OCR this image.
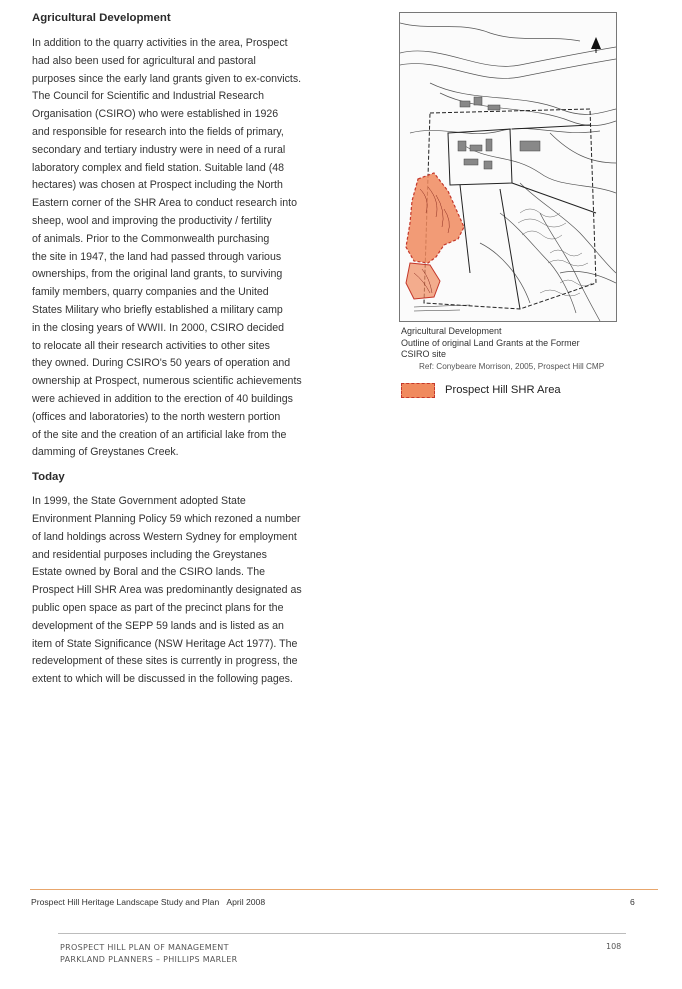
Agricultural Development
In addition to the quarry activities in the area, Prospect
had also been used for agricultural and pastoral
purposes since the early land grants given to ex-convicts.
The Council for Scientific and Industrial Research
Organisation (CSIRO) who were established in 1926
and responsible for research into the fields of primary,
secondary and tertiary industry were in need of a rural
laboratory complex and field station. Suitable land (48
hectares) was chosen at Prospect including the North
Eastern corner of the SHR Area to conduct research into
sheep, wool and improving the productivity / fertility
of animals. Prior to the Commonwealth purchasing
the site in 1947, the land had passed through various
ownerships, from the original land grants, to surviving
family members, quarry companies and the United
States Military who briefly established a military camp
in the closing years of WWII. In 2000, CSIRO decided
to relocate all their research activities to other sites
they owned. During CSIRO's 50 years of operation and
ownership at Prospect, numerous scientific achievements
were achieved in addition to the erection of 40 buildings
(offices and laboratories) to the north western portion
of the site and the creation of an artificial lake from the
damming of Greystanes Creek.
Today
In 1999, the State Government adopted State
Environment Planning Policy 59 which rezoned a number
of land holdings across Western Sydney for employment
and residential purposes including the Greystanes
Estate owned by Boral and the CSIRO lands. The
Prospect Hill SHR Area was predominantly designated as
public open space as part of the precinct plans for the
development of the SEPP 59 lands and is listed as an
item of State Significance (NSW Heritage Act 1977). The
redevelopment of these sites is currently in progress, the
extent to which will be discussed in the following pages.
Agricultural Development
Outline of original Land Grants at the Former
CSIRO site
Ref: Conybeare Morrison, 2005, Prospect Hill CMP
Prospect Hill SHR Area
Prospect Hill Heritage Landscape Study and Plan April 2008	6
PROSPECT HILL PLAN OF MANAGEMENT
PARKLAND PLANNERS – PHILLIPS MARLER
108
